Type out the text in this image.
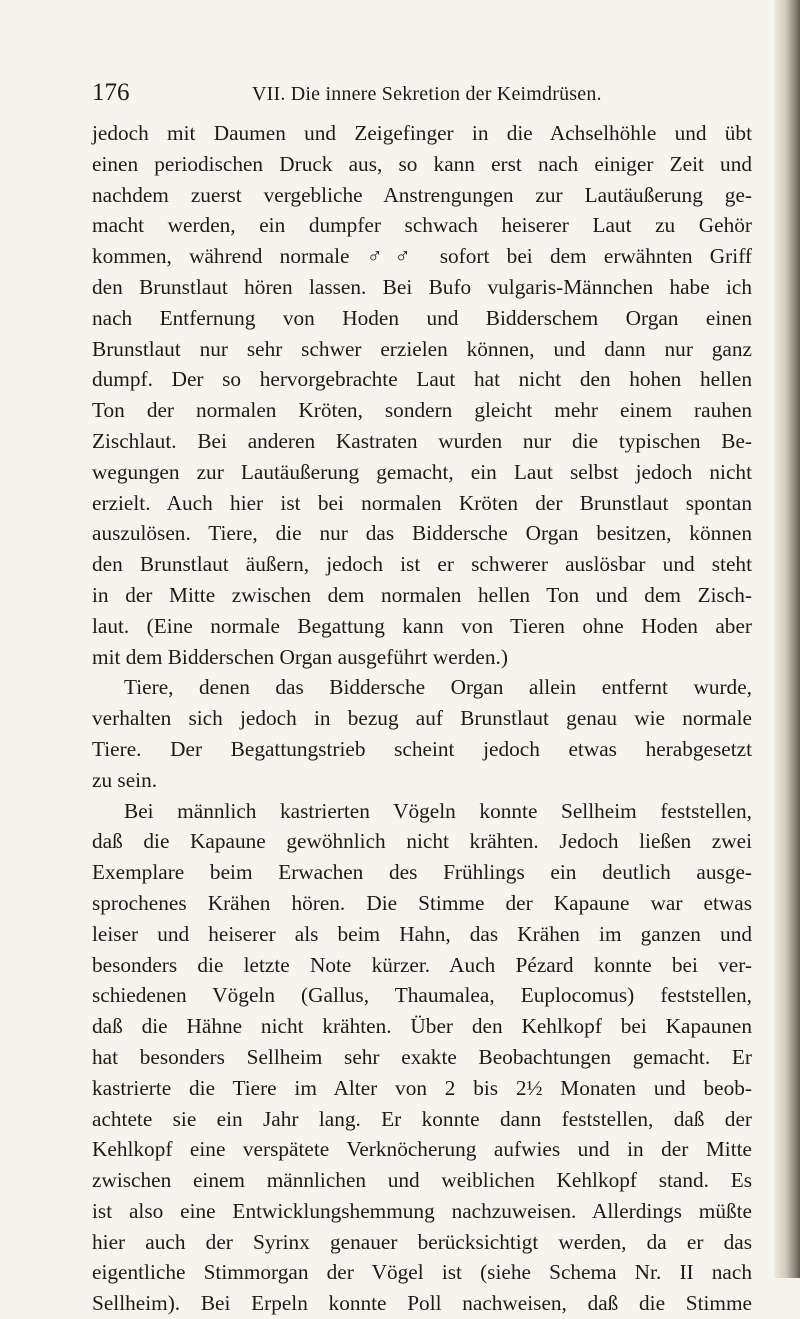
176	VII. Die innere Sekretion der Keimdrüsen.
jedoch mit Daumen und Zeigefinger in die Achselhöhle und übt
einen periodischen Druck aus, so kann erst nach einiger Zeit und
nachdem zuerst vergebliche Anstrengungen zur Lautäußerung ge-
macht werden, ein dumpfer schwach heiserer Laut zu Gehör
kommen, während normale ♂♂ sofort bei dem erwähnten Griff
den Brunstlaut hören lassen. Bei Bufo vulgaris-Männchen habe ich
nach Entfernung von Hoden und Bidderschem Organ einen
Brunstlaut nur sehr schwer erzielen können, und dann nur ganz
dumpf. Der so hervorgebrachte Laut hat nicht den hohen hellen
Ton der normalen Kröten, sondern gleicht mehr einem rauhen
Zischlaut. Bei anderen Kastraten wurden nur die typischen Be-
wegungen zur Lautäußerung gemacht, ein Laut selbst jedoch nicht
erzielt. Auch hier ist bei normalen Kröten der Brunstlaut spontan
auszulösen. Tiere, die nur das Biddersche Organ besitzen, können
den Brunstlaut äußern, jedoch ist er schwerer auslösbar und steht
in der Mitte zwischen dem normalen hellen Ton und dem Zisch-
laut. (Eine normale Begattung kann von Tieren ohne Hoden aber
mit dem Bidderschen Organ ausgeführt werden.)
Tiere, denen das Biddersche Organ allein entfernt wurde,
verhalten sich jedoch in bezug auf Brunstlaut genau wie normale
Tiere. Der Begattungstrieb scheint jedoch etwas herabgesetzt
zu sein.
Bei männlich kastrierten Vögeln konnte Sellheim feststellen,
daß die Kapaune gewöhnlich nicht krähten. Jedoch ließen zwei
Exemplare beim Erwachen des Frühlings ein deutlich ausge-
sprochenes Krähen hören. Die Stimme der Kapaune war etwas
leiser und heiserer als beim Hahn, das Krähen im ganzen und
besonders die letzte Note kürzer. Auch Pézard konnte bei ver-
schiedenen Vögeln (Gallus, Thaumalea, Euplocomus) feststellen,
daß die Hähne nicht krähten. Über den Kehlkopf bei Kapaunen
hat besonders Sellheim sehr exakte Beobachtungen gemacht. Er
kastrierte die Tiere im Alter von 2 bis 2½ Monaten und beob-
achtete sie ein Jahr lang. Er konnte dann feststellen, daß der
Kehlkopf eine verspätete Verknöcherung aufwies und in der Mitte
zwischen einem männlichen und weiblichen Kehlkopf stand. Es
ist also eine Entwicklungshemmung nachzuweisen. Allerdings müßte
hier auch der Syrinx genauer berücksichtigt werden, da er das
eigentliche Stimmorgan der Vögel ist (siehe Schema Nr. II nach
Sellheim). Bei Erpeln konnte Poll nachweisen, daß die Stimme
